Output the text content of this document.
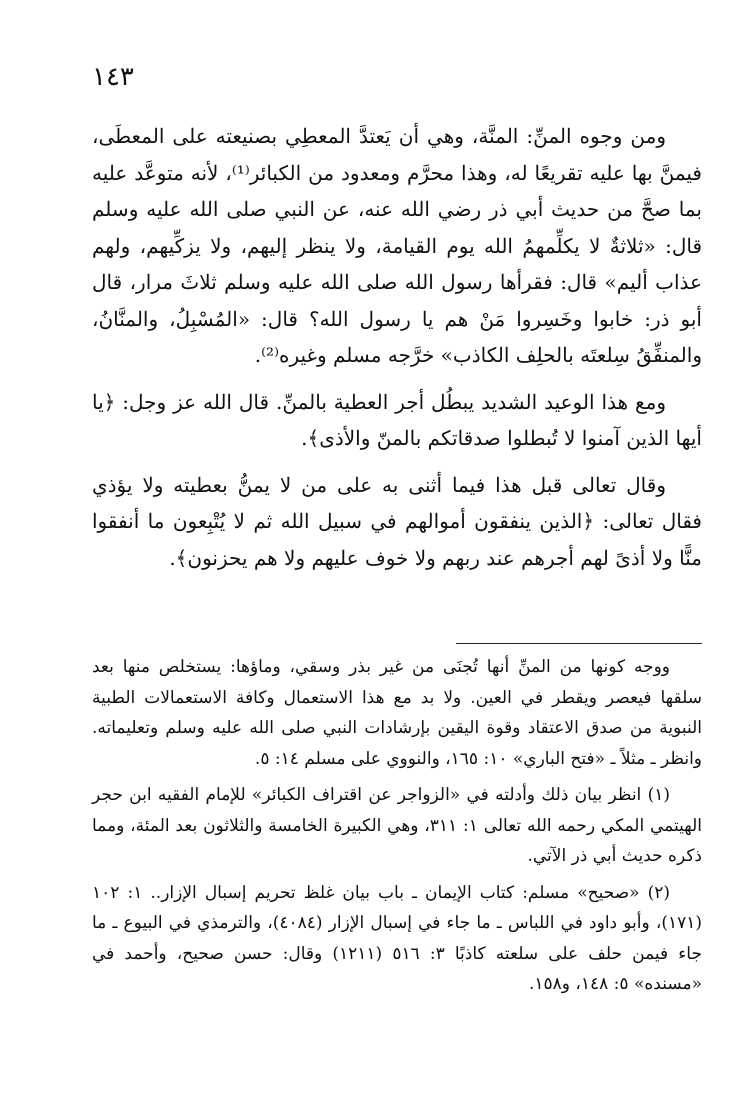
١٤٣

ومن وجوه المنِّ: المنَّة، وهي أن يَعتدَّ المعطِي بصنيعته على المعطَى، فيمنَّ بها عليه تقريعًا له، وهذا محرَّم ومعدود من الكبائر⁽¹⁾، لأنه متوعَّد عليه بما صحَّ من حديث أبي ذر رضي الله عنه، عن النبي صلى الله عليه وسلم قال: «ثلاثةٌ لا يكلِّمهمُ الله يوم القيامة، ولا ينظر إليهم، ولا يزكِّيهم، ولهم عذاب أليم» قال: فقرأها رسول الله صلى الله عليه وسلم ثلاثَ مرار، قال أبو ذر: خابوا وخَسِروا مَنْ هم يا رسول الله؟ قال: «المُسْبِلُ، والمنَّانُ، والمنفِّقُ سِلعتَه بالحلِف الكاذب» خرَّجه مسلم وغيره⁽²⁾.

ومع هذا الوعيد الشديد يبطُل أجر العطية بالمنِّ. قال الله عز وجل: ﴿يا أيها الذين آمنوا لا تُبطلوا صدقاتكم بالمنّ والأذى﴾.

وقال تعالى قبل هذا فيما أثنى به على من لا يمنُّ بعطيته ولا يؤذي فقال تعالى: ﴿الذين ينفقون أموالهم في سبيل الله ثم لا يُتْبِعون ما أنفقوا منًّا ولا أذىً لهم أجرهم عند ربهم ولا خوف عليهم ولا هم يحزنون﴾.

ووجه كونها من المنِّ أنها تُجنَى من غير بذر وسقي، وماؤها: يستخلص منها بعد سلقها فيعصر ويقطر في العين. ولا بد مع هذا الاستعمال وكافة الاستعمالات الطبية النبوية من صدق الاعتقاد وقوة اليقين بإرشادات النبي صلى الله عليه وسلم وتعليماته. وانظر ـ مثلاً ـ «فتح الباري» ١٠: ١٦٥، والنووي على مسلم ١٤: ٥.

(١) انظر بيان ذلك وأدلته في «الزواجر عن اقتراف الكبائر» للإمام الفقيه ابن حجر الهيتمي المكي رحمه الله تعالى ١: ٣١١، وهي الكبيرة الخامسة والثلاثون بعد المئة، ومما ذكره حديث أبي ذر الآتي.

(٢) «صحيح» مسلم: كتاب الإيمان ـ باب بيان غلظ تحريم إسبال الإزار.. ١: ١٠٢ (١٧١)، وأبو داود في اللباس ـ ما جاء في إسبال الإزار (٤٠٨٤)، والترمذي في البيوع ـ ما جاء فيمن حلف على سلعته كاذبًا ٣: ٥١٦ (١٢١١) وقال: حسن صحيح، وأحمد في «مسنده» ٥: ١٤٨، و١٥٨.
